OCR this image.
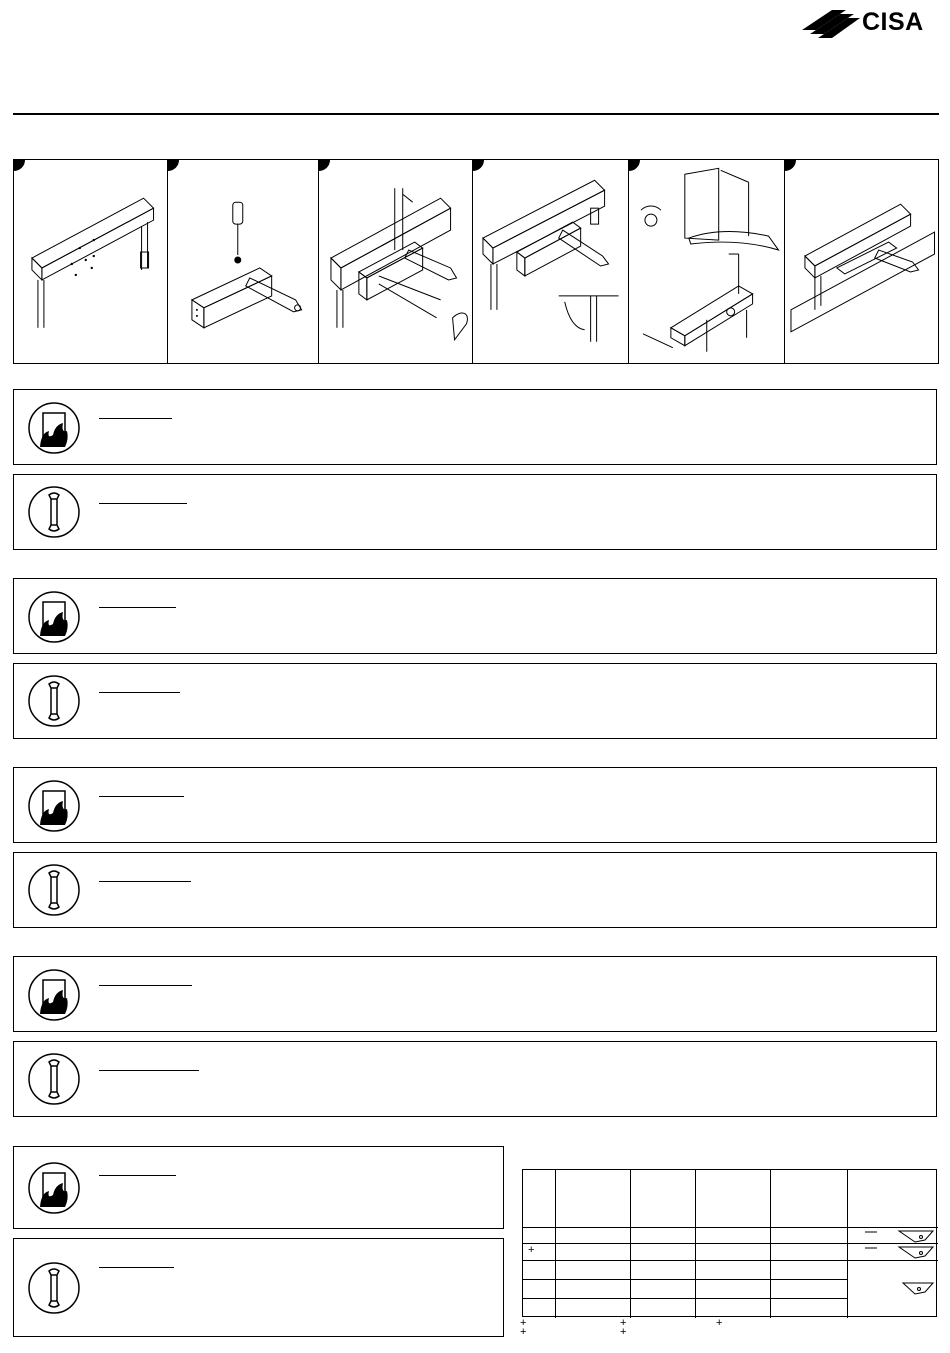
CISA
+
+	+	+
+	+
